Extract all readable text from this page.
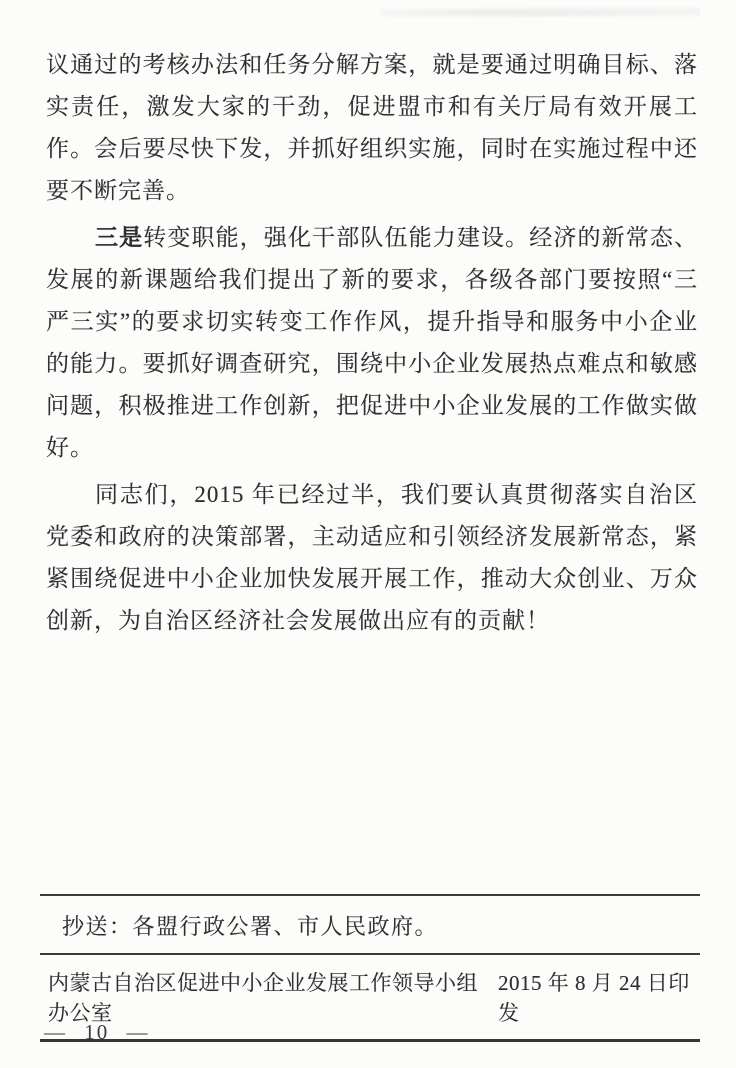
议通过的考核办法和任务分解方案，就是要通过明确目标、落实责任，激发大家的干劲，促进盟市和有关厅局有效开展工作。会后要尽快下发，并抓好组织实施，同时在实施过程中还要不断完善。

三是转变职能，强化干部队伍能力建设。经济的新常态、发展的新课题给我们提出了新的要求，各级各部门要按照“三严三实”的要求切实转变工作作风，提升指导和服务中小企业的能力。要抓好调查研究，围绕中小企业发展热点难点和敏感问题，积极推进工作创新，把促进中小企业发展的工作做实做好。

同志们，2015 年已经过半，我们要认真贯彻落实自治区党委和政府的决策部署，主动适应和引领经济发展新常态，紧紧围绕促进中小企业加快发展开展工作，推动大众创业、万众创新，为自治区经济社会发展做出应有的贡献！

抄送：各盟行政公署、市人民政府。
内蒙古自治区促进中小企业发展工作领导小组办公室
2015 年 8 月 24 日印发
— 10 —
